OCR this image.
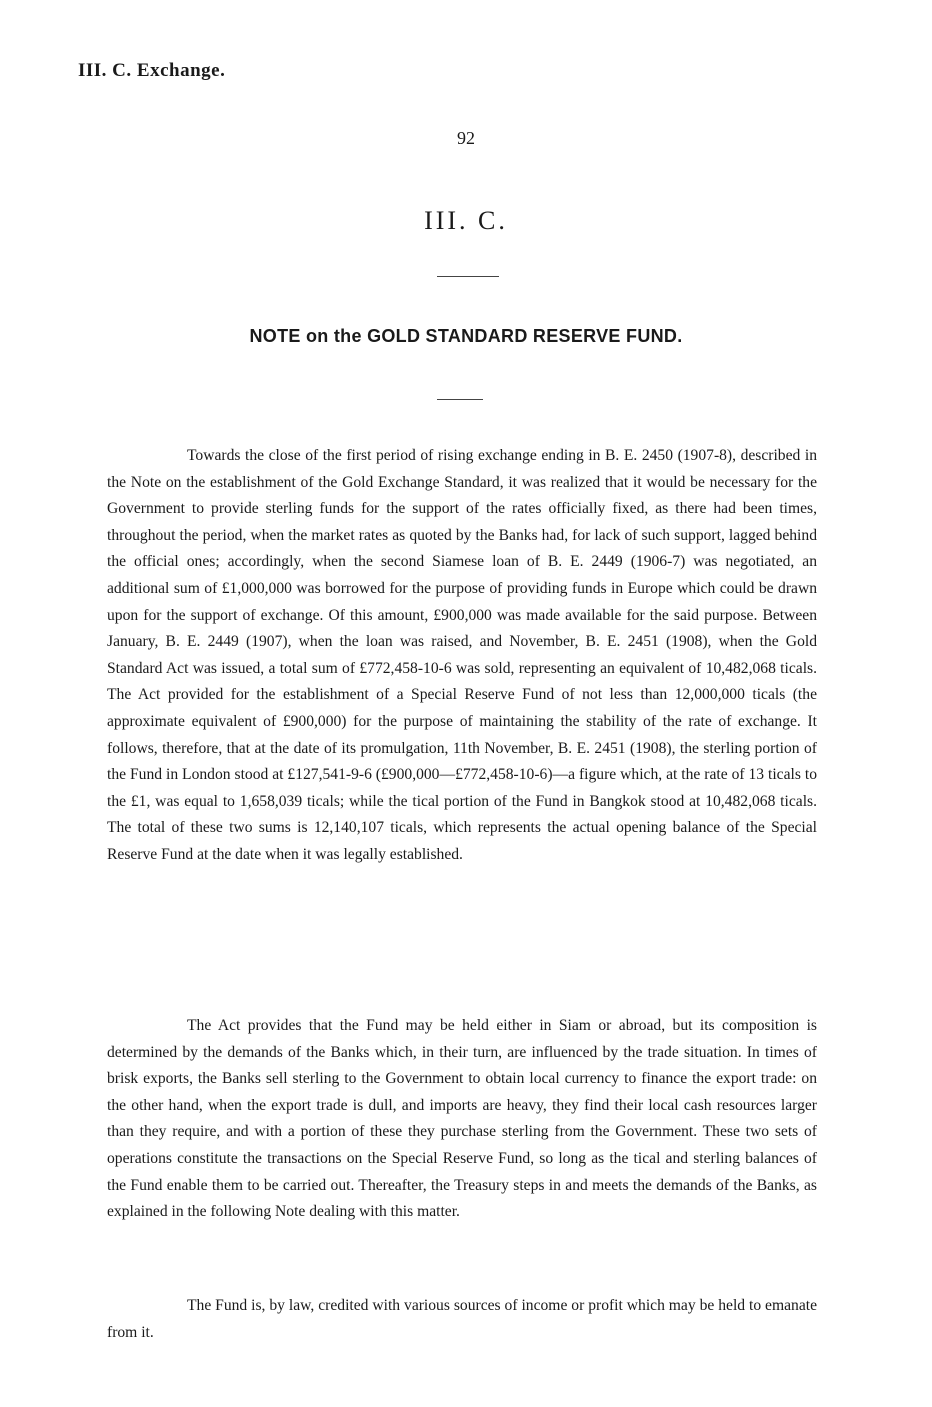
III. C. Exchange.
92
III. C.
NOTE on the GOLD STANDARD RESERVE FUND.

Towards the close of the first period of rising exchange ending in B. E. 2450 (1907-8), described in the Note on the establishment of the Gold Exchange Standard, it was realized that it would be necessary for the Government to provide sterling funds for the support of the rates officially fixed, as there had been times, throughout the period, when the market rates as quoted by the Banks had, for lack of such support, lagged behind the official ones; accordingly, when the second Siamese loan of B. E. 2449 (1906-7) was negotiated, an additional sum of £1,000,000 was borrowed for the purpose of providing funds in Europe which could be drawn upon for the support of exchange. Of this amount, £900,000 was made available for the said purpose. Between January, B. E. 2449 (1907), when the loan was raised, and November, B. E. 2451 (1908), when the Gold Standard Act was issued, a total sum of £772,458-10-6 was sold, representing an equivalent of 10,482,068 ticals. The Act provided for the establishment of a Special Reserve Fund of not less than 12,000,000 ticals (the approximate equivalent of £900,000) for the purpose of maintaining the stability of the rate of exchange. It follows, therefore, that at the date of its promulgation, 11th November, B. E. 2451 (1908), the sterling portion of the Fund in London stood at £127,541-9-6 (£900,000—£772,458-10-6)—a figure which, at the rate of 13 ticals to the £1, was equal to 1,658,039 ticals; while the tical portion of the Fund in Bangkok stood at 10,482,068 ticals. The total of these two sums is 12,140,107 ticals, which represents the actual opening balance of the Special Reserve Fund at the date when it was legally established.

The Act provides that the Fund may be held either in Siam or abroad, but its composition is determined by the demands of the Banks which, in their turn, are influenced by the trade situation. In times of brisk exports, the Banks sell sterling to the Government to obtain local currency to finance the export trade: on the other hand, when the export trade is dull, and imports are heavy, they find their local cash resources larger than they require, and with a portion of these they purchase sterling from the Government. These two sets of operations constitute the transactions on the Special Reserve Fund, so long as the tical and sterling balances of the Fund enable them to be carried out. Thereafter, the Treasury steps in and meets the demands of the Banks, as explained in the following Note dealing with this matter.

The Fund is, by law, credited with various sources of income or profit which may be held to emanate from it.
